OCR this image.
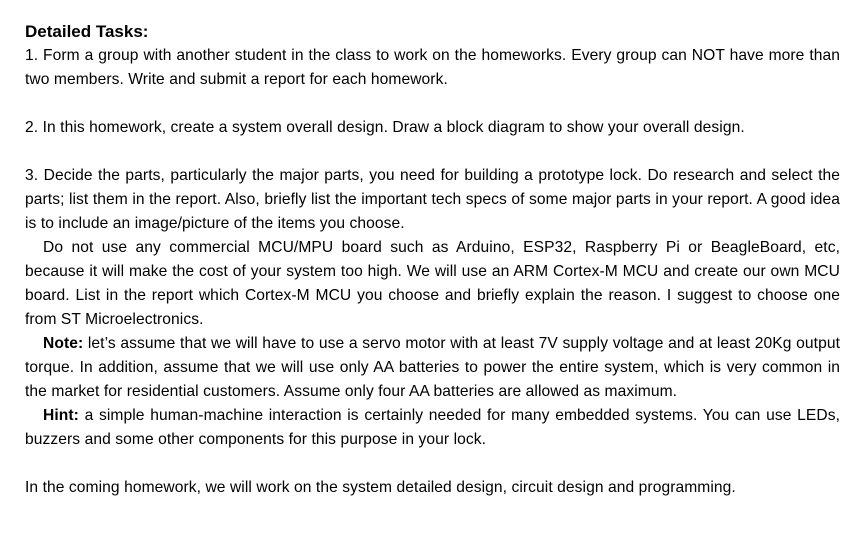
Detailed Tasks:

1. Form a group with another student in the class to work on the homeworks. Every group can NOT have more than two members. Write and submit a report for each homework.

2. In this homework, create a system overall design. Draw a block diagram to show your overall design.

3. Decide the parts, particularly the major parts, you need for building a prototype lock. Do research and select the parts; list them in the report. Also, briefly list the important tech specs of some major parts in your report. A good idea is to include an image/picture of the items you choose.

Do not use any commercial MCU/MPU board such as Arduino, ESP32, Raspberry Pi or BeagleBoard, etc, because it will make the cost of your system too high. We will use an ARM Cortex-M MCU and create our own MCU board. List in the report which Cortex-M MCU you choose and briefly explain the reason. I suggest to choose one from ST Microelectronics.

Note: let’s assume that we will have to use a servo motor with at least 7V supply voltage and at least 20Kg output torque. In addition, assume that we will use only AA batteries to power the entire system, which is very common in the market for residential customers. Assume only four AA batteries are allowed as maximum.

Hint: a simple human-machine interaction is certainly needed for many embedded systems. You can use LEDs, buzzers and some other components for this purpose in your lock.

In the coming homework, we will work on the system detailed design, circuit design and programming.
